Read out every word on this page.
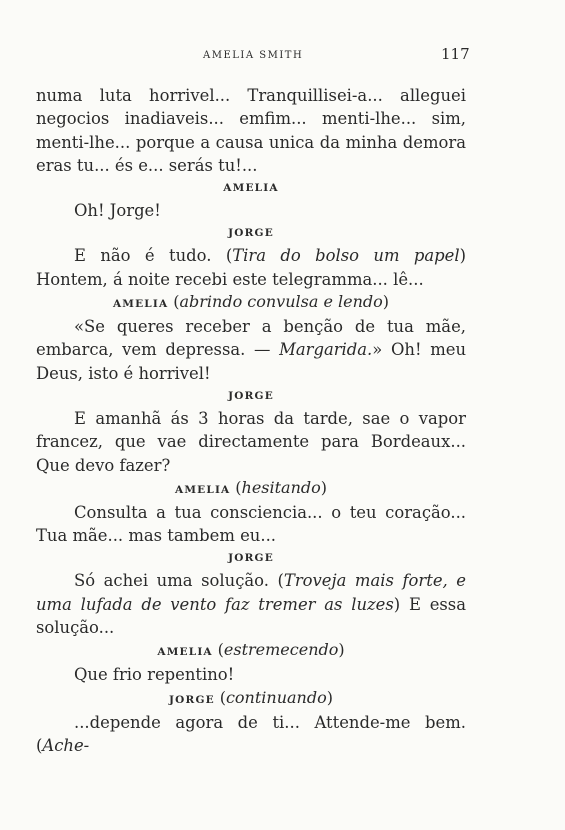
AMELIA SMITH	117

numa luta horrivel... Tranquillisei-a... alleguei negocios inadiaveis... emfim... menti-lhe... sim, menti-lhe... porque a causa unica da minha demora eras tu... és e... serás tu!...

AMELIA

Oh! Jorge!

JORGE

E não é tudo. (Tira do bolso um papel) Hontem, á noite recebi este telegramma... lê...

AMELIA (abrindo convulsa e lendo)

«Se queres receber a benção de tua mãe, embarca, vem depressa. — Margarida.» Oh! meu Deus, isto é horrivel!

JORGE

E amanhã ás 3 horas da tarde, sae o vapor francez, que vae directamente para Bordeaux... Que devo fazer?

AMELIA (hesitando)

Consulta a tua consciencia... o teu coração... Tua mãe... mas tambem eu...

JORGE

Só achei uma solução. (Troveja mais forte, e uma lufada de vento faz tremer as luzes) E essa solução...

AMELIA (estremecendo)

Que frio repentino!

JORGE (continuando)

...depende agora de ti... Attende-me bem. (Ache-
